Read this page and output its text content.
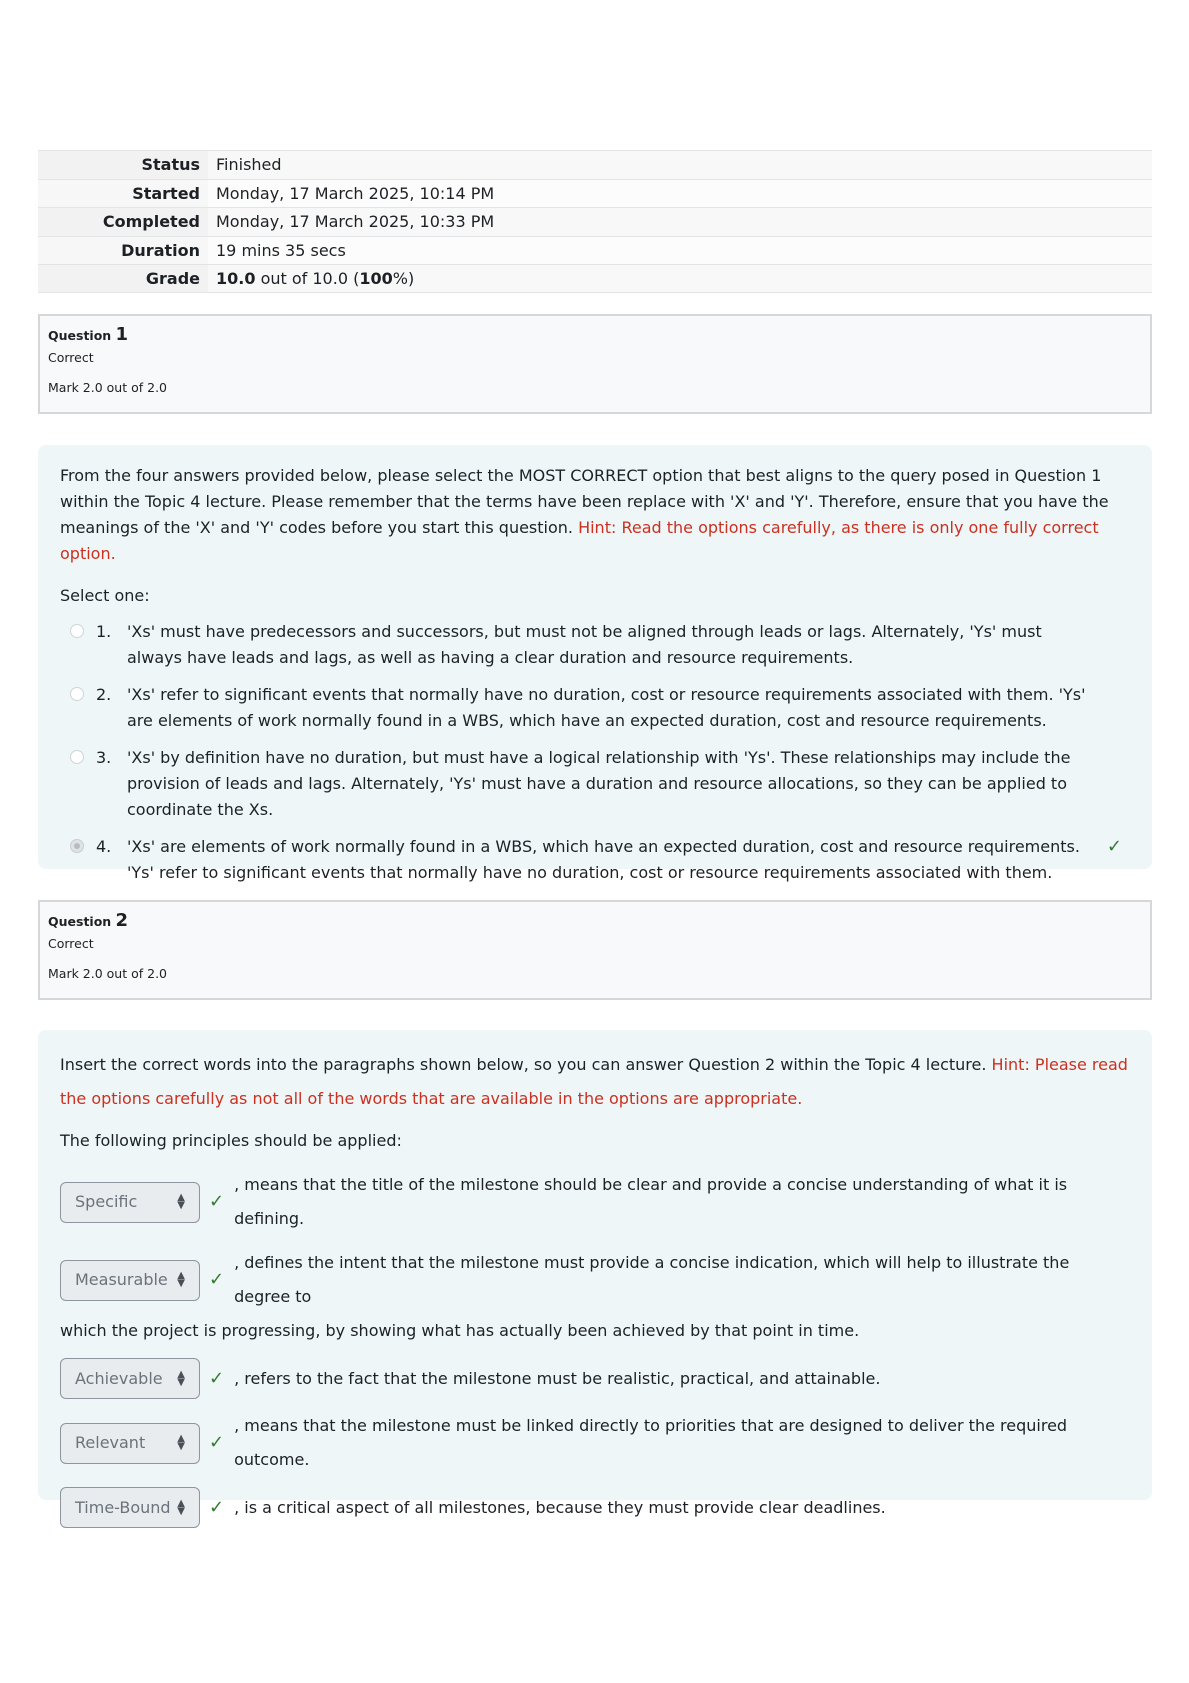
Status	Finished
Started	Monday, 17 March 2025, 10:14 PM
Completed	Monday, 17 March 2025, 10:33 PM
Duration	19 mins 35 secs
Grade	10.0 out of 10.0 (100%)
Question 1
Correct
Mark 2.0 out of 2.0
From the four answers provided below, please select the MOST CORRECT option that best aligns to the query posed in Question 1 within the Topic 4 lecture. Please remember that the terms have been replace with 'X' and 'Y'. Therefore, ensure that you have the meanings of the 'X' and 'Y' codes before you start this question. Hint: Read the options carefully, as there is only one fully correct option.
Select one:
1. 'Xs' must have predecessors and successors, but must not be aligned through leads or lags. Alternately, 'Ys' must always have leads and lags, as well as having a clear duration and resource requirements.
2. 'Xs' refer to significant events that normally have no duration, cost or resource requirements associated with them. 'Ys' are elements of work normally found in a WBS, which have an expected duration, cost and resource requirements.
3. 'Xs' by definition have no duration, but must have a logical relationship with 'Ys'. These relationships may include the provision of leads and lags. Alternately, 'Ys' must have a duration and resource allocations, so they can be applied to coordinate the Xs.
4. 'Xs' are elements of work normally found in a WBS, which have an expected duration, cost and resource requirements. 'Ys' refer to significant events that normally have no duration, cost or resource requirements associated with them.
✓
Question 2
Correct
Mark 2.0 out of 2.0
Insert the correct words into the paragraphs shown below, so you can answer Question 2 within the Topic 4 lecture. Hint: Please read the options carefully as not all of the words that are available in the options are appropriate.
The following principles should be applied:
Specific	▲
▼ ✓
, means that the title of the milestone should be clear and provide a concise understanding of what it is defining.
Measurable ▲
▼ ✓
, defines the intent that the milestone must provide a concise indication, which will help to illustrate the degree to
which the project is progressing, by showing what has actually been achieved by that point in time.
Achievable ▲
▼ ✓ , refers to the fact that the milestone must be realistic, practical, and attainable.
Relevant	▲
▼ ✓
, means that the milestone must be linked directly to priorities that are designed to deliver the required outcome.
Time-Bound ▲
▼ ✓ , is a critical aspect of all milestones, because they must provide clear deadlines.
